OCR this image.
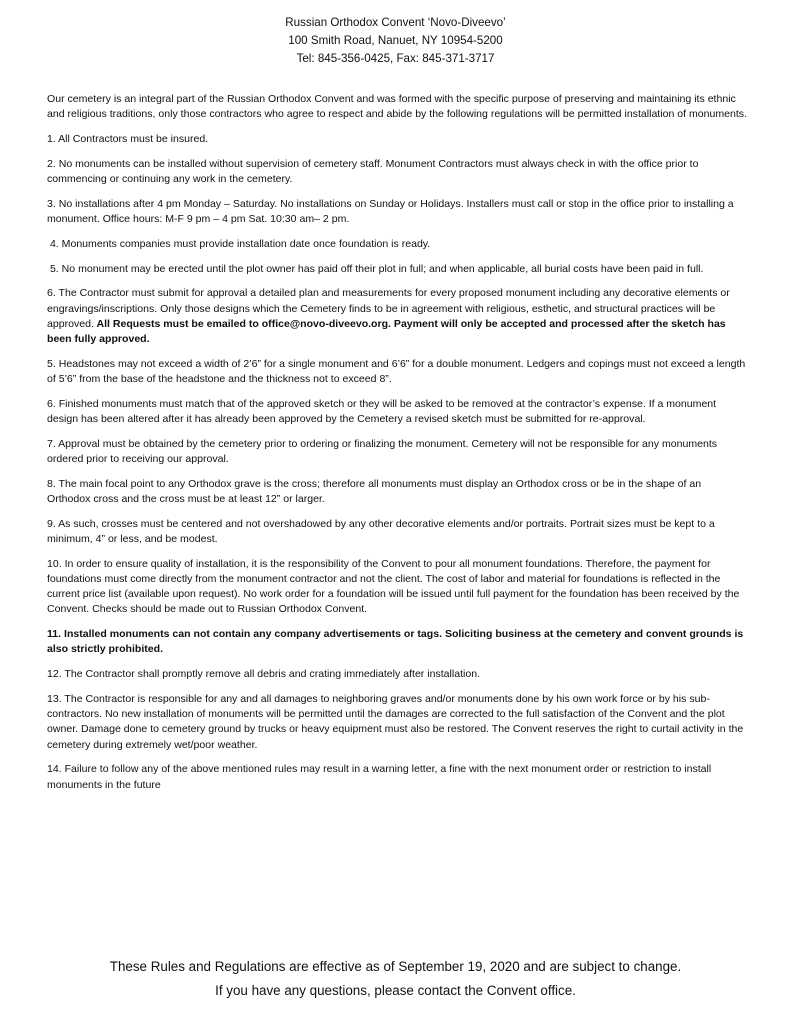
Russian Orthodox Convent ‘Novo-Diveevo’
100 Smith Road, Nanuet, NY 10954-5200
Tel: 845-356-0425, Fax: 845-371-3717

Our cemetery is an integral part of the Russian Orthodox Convent and was formed with the specific purpose of preserving and maintaining its ethnic and religious traditions, only those contractors who agree to respect and abide by the following regulations will be permitted installation of monuments.

1. All Contractors must be insured.

2. No monuments can be installed without supervision of cemetery staff. Monument Contractors must always check in with the office prior to commencing or continuing any work in the cemetery.

3. No installations after 4 pm Monday – Saturday. No installations on Sunday or Holidays. Installers must call or stop in the office prior to installing a monument. Office hours: M-F 9 pm – 4 pm Sat. 10:30 am– 2 pm.

4. Monuments companies must provide installation date once foundation is ready.

5. No monument may be erected until the plot owner has paid off their plot in full; and when applicable, all burial costs have been paid in full.

6. The Contractor must submit for approval a detailed plan and measurements for every proposed monument including any decorative elements or engravings/inscriptions. Only those designs which the Cemetery finds to be in agreement with religious, esthetic, and structural practices will be approved. All Requests must be emailed to office@novo-diveevo.org. Payment will only be accepted and processed after the sketch has been fully approved.

5. Headstones may not exceed a width of 2’6” for a single monument and 6’6” for a double monument. Ledgers and copings must not exceed a length of 5’6” from the base of the headstone and the thickness not to exceed 8”.

6. Finished monuments must match that of the approved sketch or they will be asked to be removed at the contractor’s expense. If a monument design has been altered after it has already been approved by the Cemetery a revised sketch must be submitted for re-approval.

7. Approval must be obtained by the cemetery prior to ordering or finalizing the monument. Cemetery will not be responsible for any monuments ordered prior to receiving our approval.

8. The main focal point to any Orthodox grave is the cross; therefore all monuments must display an Orthodox cross or be in the shape of an Orthodox cross and the cross must be at least 12” or larger.

9. As such, crosses must be centered and not overshadowed by any other decorative elements and/or portraits. Portrait sizes must be kept to a minimum, 4” or less, and be modest.

10. In order to ensure quality of installation, it is the responsibility of the Convent to pour all monument foundations. Therefore, the payment for foundations must come directly from the monument contractor and not the client. The cost of labor and material for foundations is reflected in the current price list (available upon request). No work order for a foundation will be issued until full payment for the foundation has been received by the Convent. Checks should be made out to Russian Orthodox Convent.

11. Installed monuments can not contain any company advertisements or tags. Soliciting business at the cemetery and convent grounds is also strictly prohibited.

12. The Contractor shall promptly remove all debris and crating immediately after installation.

13. The Contractor is responsible for any and all damages to neighboring graves and/or monuments done by his own work force or by his sub-contractors. No new installation of monuments will be permitted until the damages are corrected to the full satisfaction of the Convent and the plot owner. Damage done to cemetery ground by trucks or heavy equipment must also be restored. The Convent reserves the right to curtail activity in the cemetery during extremely wet/poor weather.

14. Failure to follow any of the above mentioned rules may result in a warning letter, a fine with the next monument order or restriction to install monuments in the future

These Rules and Regulations are effective as of September 19, 2020 and are subject to change.
If you have any questions, please contact the Convent office.
